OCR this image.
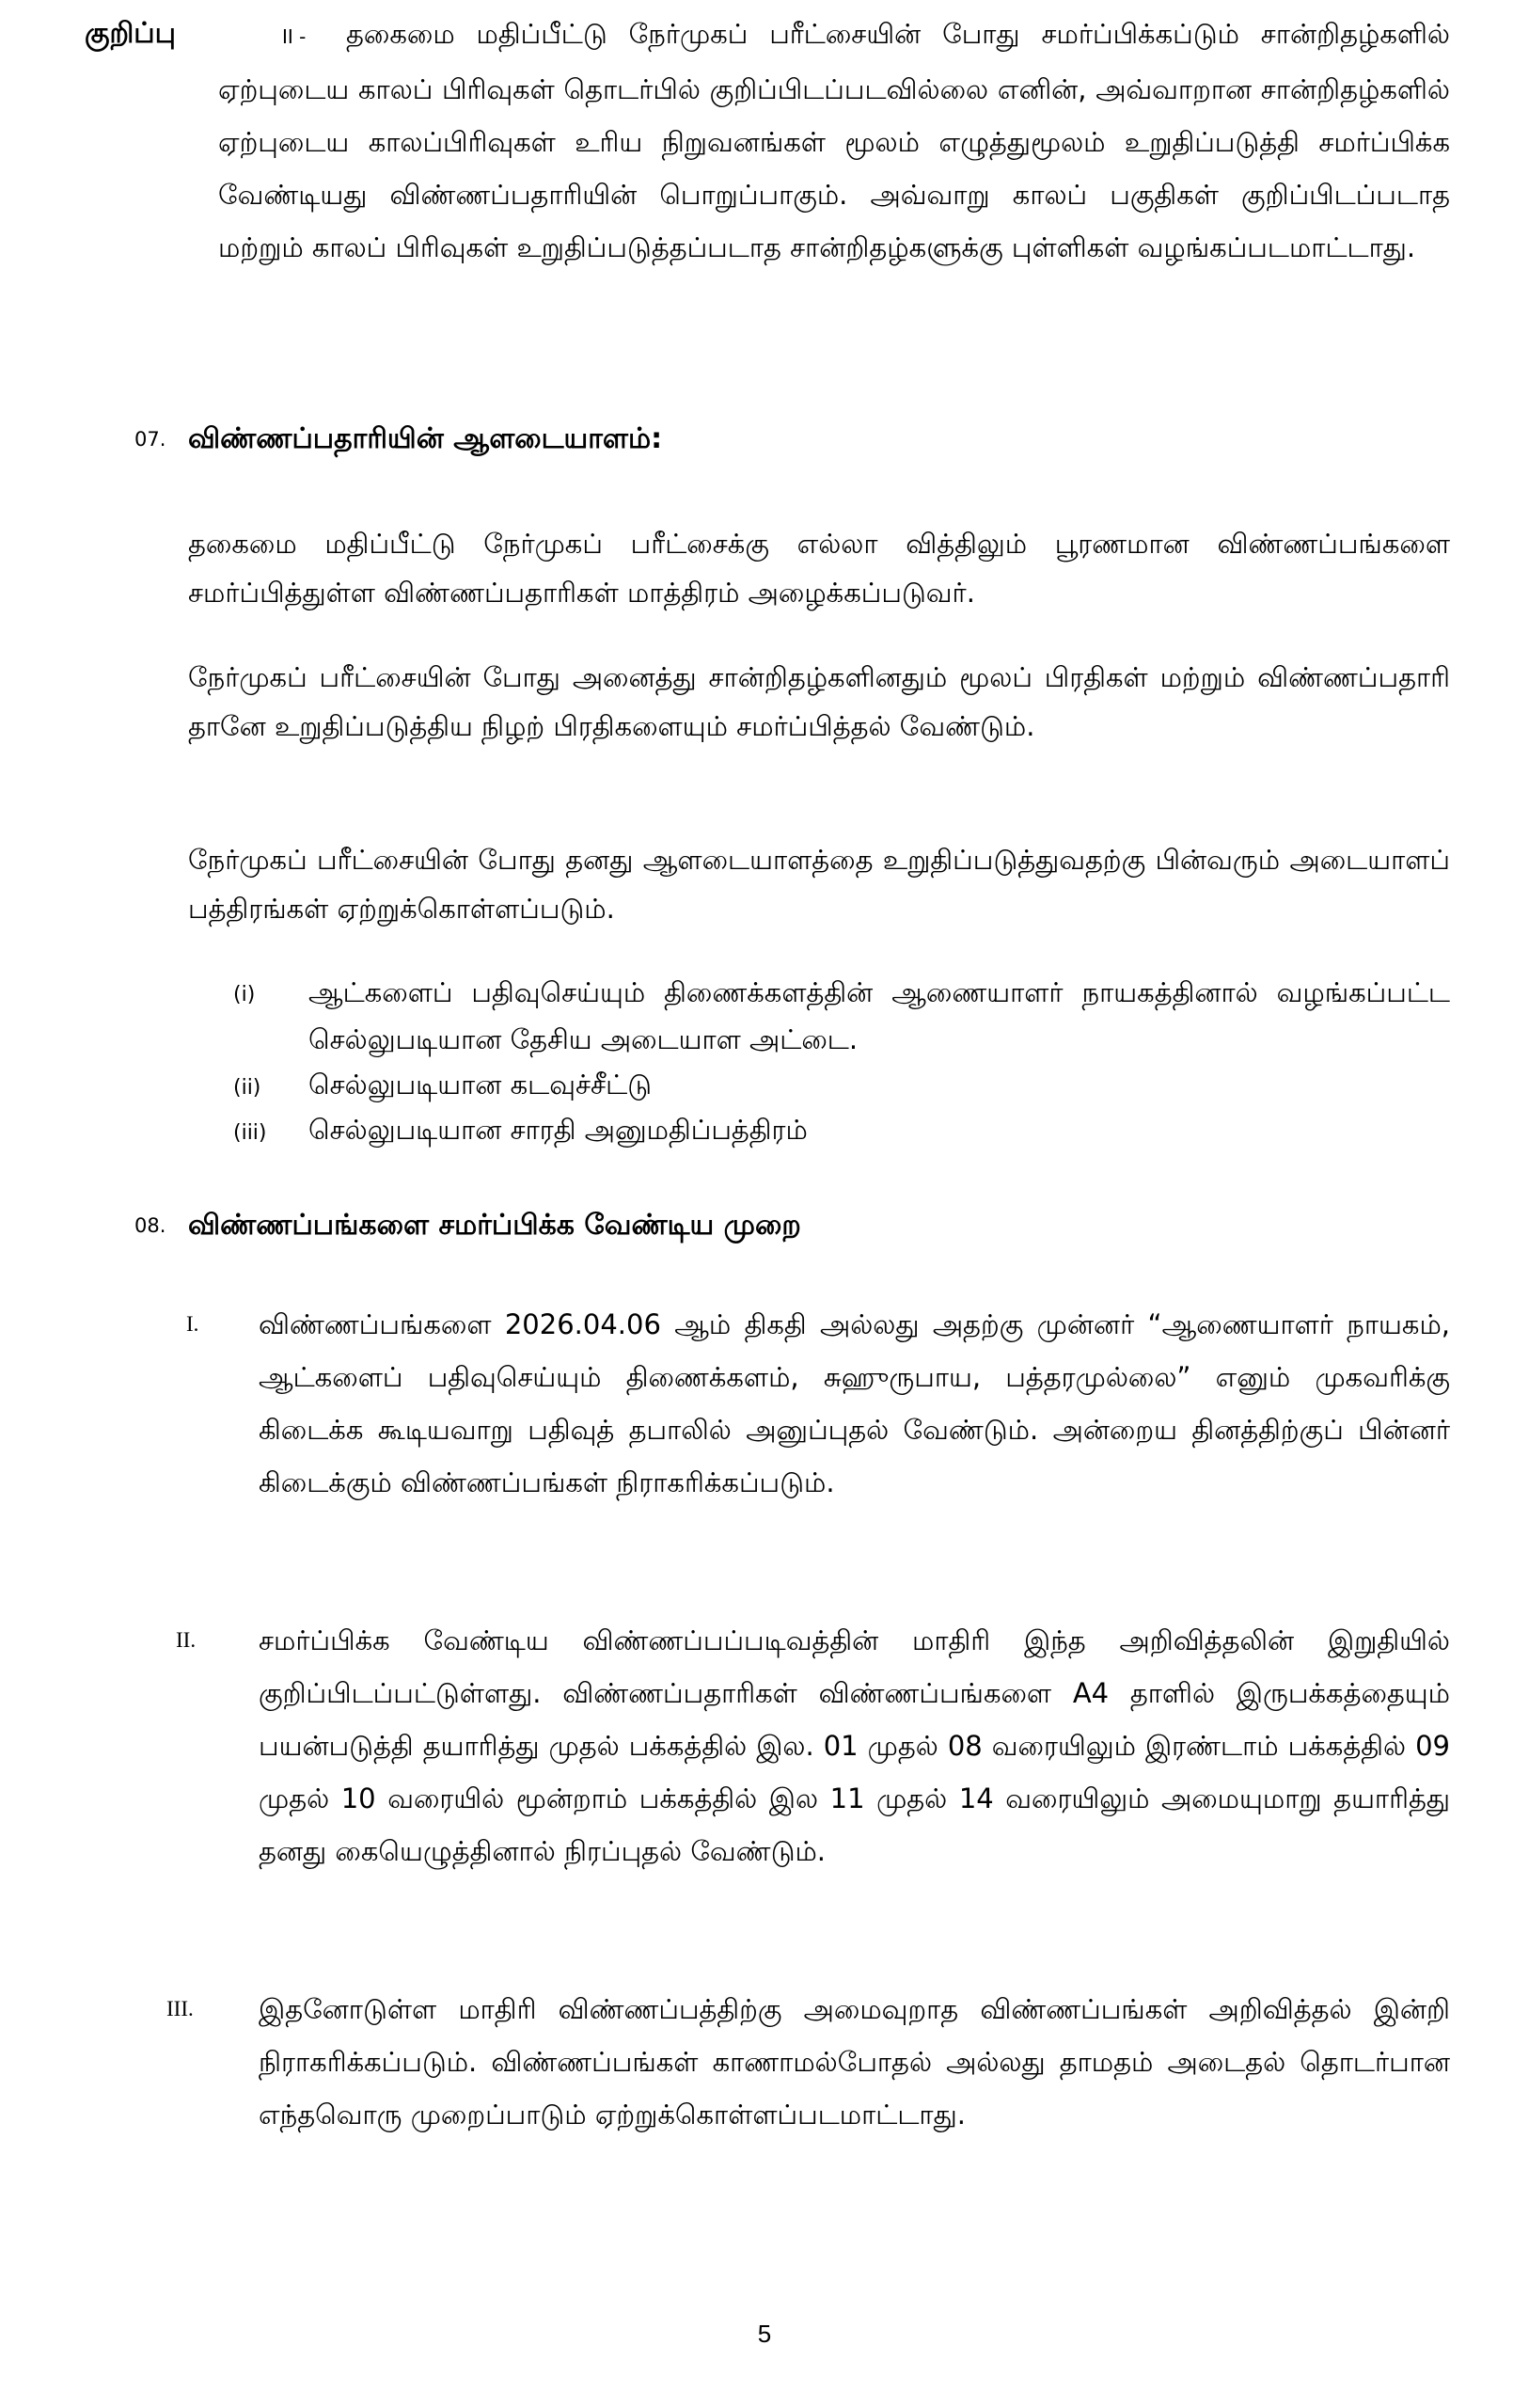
குறிப்பு	II - தகைமை மதிப்பீட்டு நேர்முகப் பரீட்சையின் போது சமர்ப்பிக்கப்டும் சான்றிதழ்களில் ஏற்புடைய காலப் பிரிவுகள் தொடர்பில் குறிப்பிடப்படவில்லை எனின், அவ்வாறான சான்றிதழ்களில் ஏற்புடைய காலப்பிரிவுகள் உரிய நிறுவனங்கள் மூலம் எழுத்துமூலம் உறுதிப்படுத்தி சமர்ப்பிக்க வேண்டியது விண்ணப்பதாரியின் பொறுப்பாகும். அவ்வாறு காலப் பகுதிகள் குறிப்பிடப்படாத மற்றும் காலப் பிரிவுகள் உறுதிப்படுத்தப்படாத சான்றிதழ்களுக்கு புள்ளிகள் வழங்கப்படமாட்டாது.
07. விண்ணப்பதாரியின் ஆளடையாளம்:
தகைமை மதிப்பீட்டு நேர்முகப் பரீட்சைக்கு எல்லா வித்திலும் பூரணமான விண்ணப்பங்களை சமர்ப்பித்துள்ள விண்ணப்பதாரிகள் மாத்திரம் அழைக்கப்படுவர்.
நேர்முகப் பரீட்சையின் போது அனைத்து சான்றிதழ்களினதும் மூலப் பிரதிகள் மற்றும் விண்ணப்பதாரி தானே உறுதிப்படுத்திய நிழற் பிரதிகளையும் சமர்ப்பித்தல் வேண்டும்.
நேர்முகப் பரீட்சையின் போது தனது ஆளடையாளத்தை உறுதிப்படுத்துவதற்கு பின்வரும் அடையாளப் பத்திரங்கள் ஏற்றுக்கொள்ளப்படும்.
(i) ஆட்களைப் பதிவுசெய்யும் திணைக்களத்தின் ஆணையாளர் நாயகத்தினால் வழங்கப்பட்ட செல்லுபடியான தேசிய அடையாள அட்டை.
(ii) செல்லுபடியான கடவுச்சீட்டு
(iii) செல்லுபடியான சாரதி அனுமதிப்பத்திரம்
08. விண்ணப்பங்களை சமர்ப்பிக்க வேண்டிய முறை
I. விண்ணப்பங்களை 2026.04.06 ஆம் திகதி அல்லது அதற்கு முன்னர் “ஆணையாளர் நாயகம், ஆட்களைப் பதிவுசெய்யும் திணைக்களம், சுஹுருபாய, பத்தரமுல்லை” எனும் முகவரிக்கு கிடைக்க கூடியவாறு பதிவுத் தபாலில் அனுப்புதல் வேண்டும். அன்றைய தினத்திற்குப் பின்னர் கிடைக்கும் விண்ணப்பங்கள் நிராகரிக்கப்படும்.
II. சமர்ப்பிக்க வேண்டிய விண்ணப்பப்படிவத்தின் மாதிரி இந்த அறிவித்தலின் இறுதியில் குறிப்பிடப்பட்டுள்ளது. விண்ணப்பதாரிகள் விண்ணப்பங்களை A4 தாளில் இருபக்கத்தையும் பயன்படுத்தி தயாரித்து முதல் பக்கத்தில் இல. 01 முதல் 08 வரையிலும் இரண்டாம் பக்கத்தில் 09 முதல் 10 வரையில் மூன்றாம் பக்கத்தில் இல 11 முதல் 14 வரையிலும் அமையுமாறு தயாரித்து தனது கையெழுத்தினால் நிரப்புதல் வேண்டும்.
III. இதனோடுள்ள மாதிரி விண்ணப்பத்திற்கு அமைவுறாத விண்ணப்பங்கள் அறிவித்தல் இன்றி நிராகரிக்கப்படும். விண்ணப்பங்கள் காணாமல்போதல் அல்லது தாமதம் அடைதல் தொடர்பான எந்தவொரு முறைப்பாடும் ஏற்றுக்கொள்ளப்படமாட்டாது.
5
